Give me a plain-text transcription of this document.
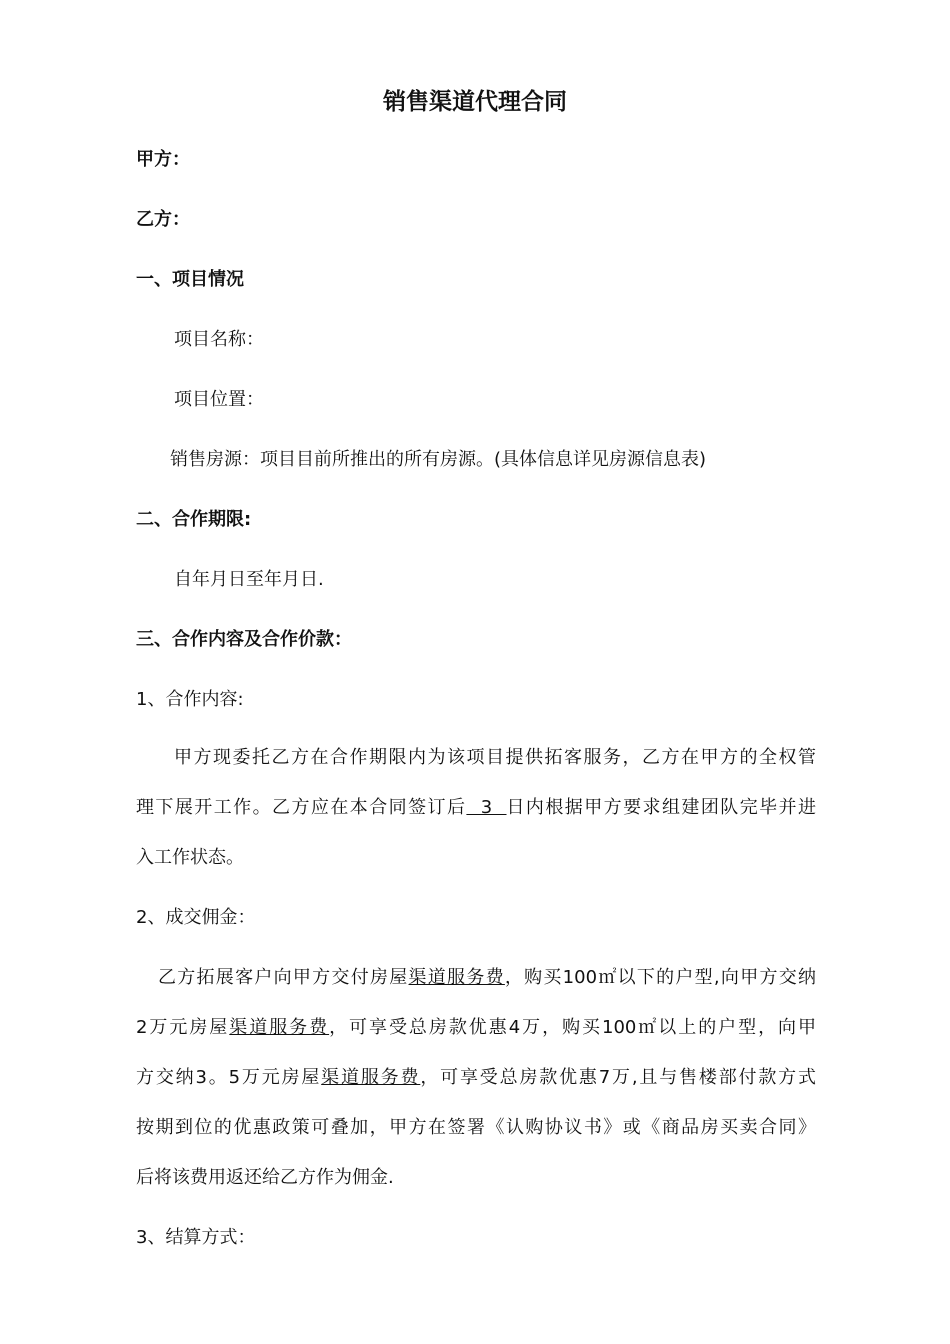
销售渠道代理合同
甲方：
乙方：
一、项目情况
项目名称：
项目位置：
销售房源：项目目前所推出的所有房源。(具体信息详见房源信息表)
二、合作期限:
自年月日至年月日.
三、合作内容及合作价款：
1、合作内容:
甲方现委托乙方在合作期限内为该项目提供拓客服务，乙方在甲方的全权管
理下展开工作。乙方应在本合同签订后  3  日内根据甲方要求组建团队完毕并进
入工作状态。
2、成交佣金：
乙方拓展客户向甲方交付房屋渠道服务费，购买100㎡以下的户型,向甲方交纳
2万元房屋渠道服务费，可享受总房款优惠4万，购买100㎡以上的户型，向甲
方交纳3。5万元房屋渠道服务费，可享受总房款优惠7万,且与售楼部付款方式
按期到位的优惠政策可叠加，甲方在签署《认购协议书》或《商品房买卖合同》
后将该费用返还给乙方作为佣金.
3、结算方式：
